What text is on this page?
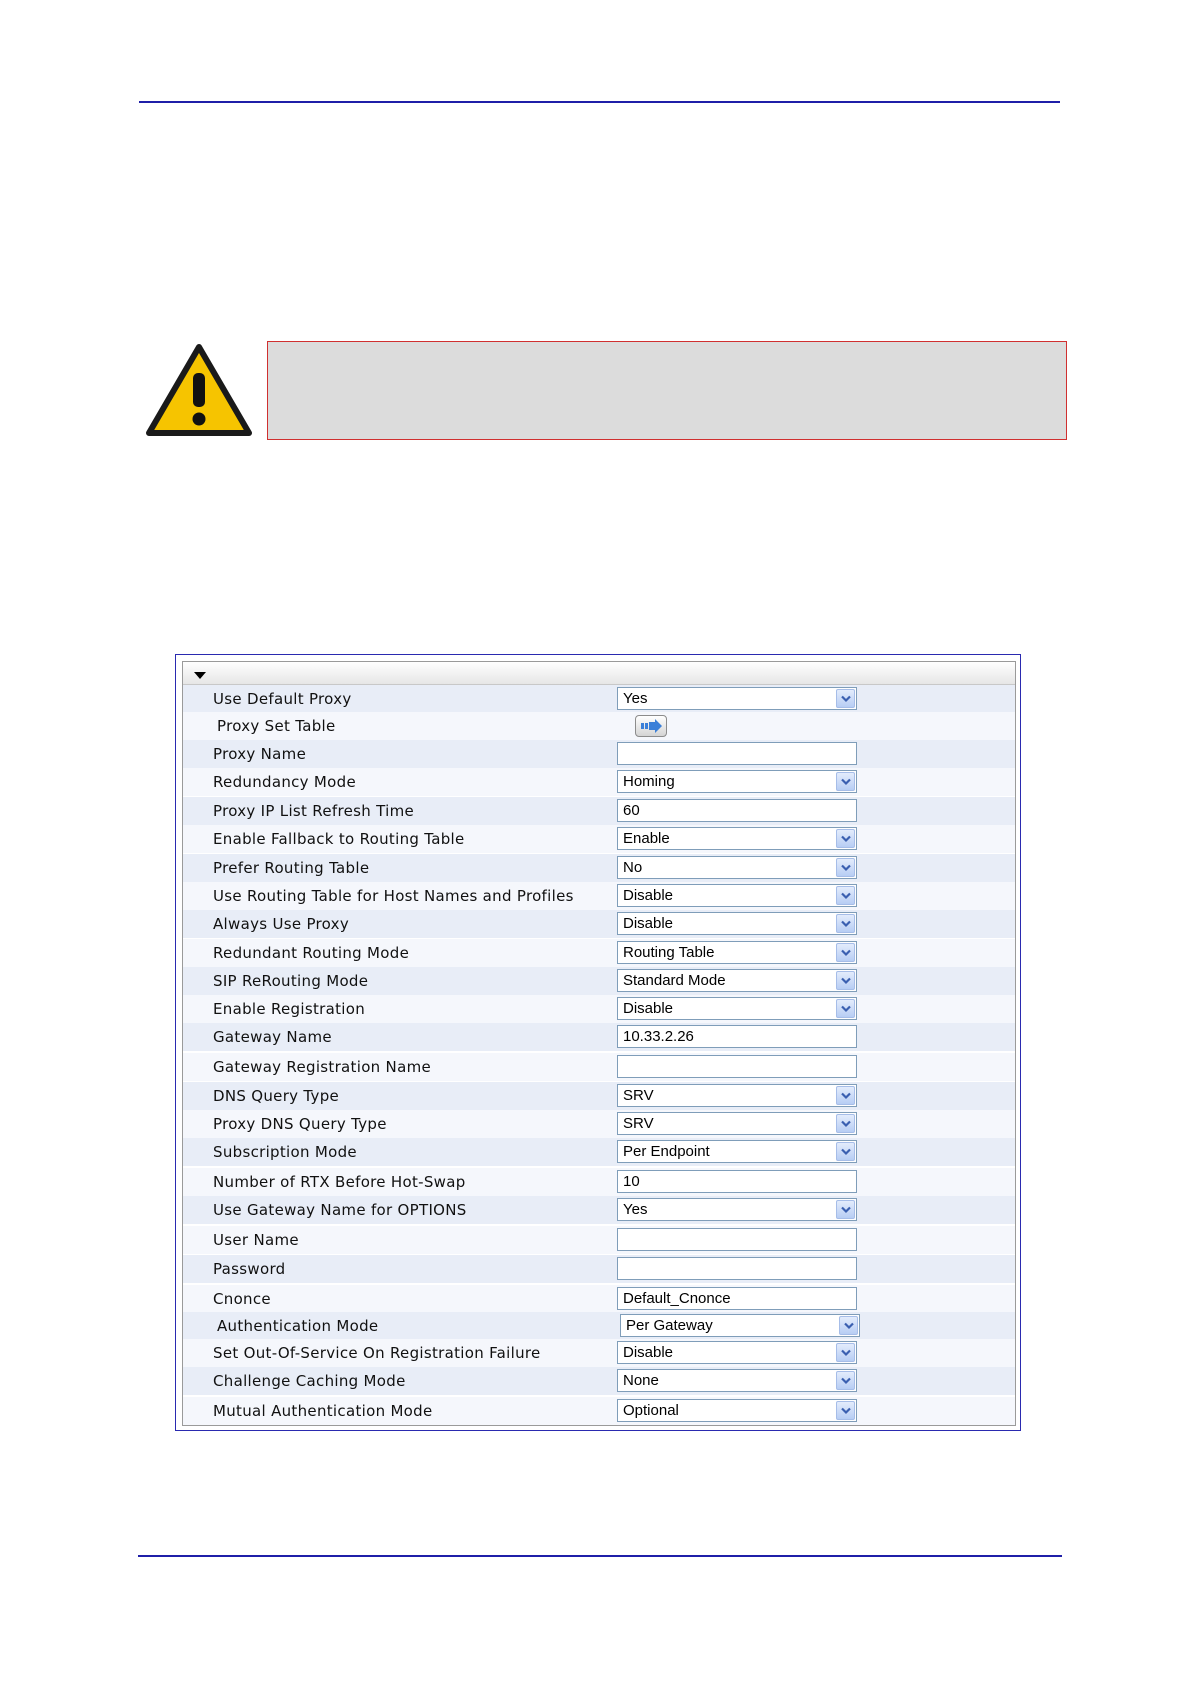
Use Default Proxy	Yes
Proxy Set Table
Proxy Name
Redundancy Mode	Homing
Proxy IP List Refresh Time	60
Enable Fallback to Routing Table	Enable
Prefer Routing Table	No
Use Routing Table for Host Names and Profiles	Disable
Always Use Proxy	Disable
Redundant Routing Mode	Routing Table
SIP ReRouting Mode	Standard Mode
Enable Registration	Disable
Gateway Name	10.33.2.26
Gateway Registration Name
DNS Query Type	SRV
Proxy DNS Query Type	SRV
Subscription Mode	Per Endpoint
Number of RTX Before Hot-Swap	10
Use Gateway Name for OPTIONS	Yes
User Name
Password
Cnonce	Default_Cnonce
Authentication Mode	Per Gateway
Set Out-Of-Service On Registration Failure	Disable
Challenge Caching Mode	None
Mutual Authentication Mode	Optional
